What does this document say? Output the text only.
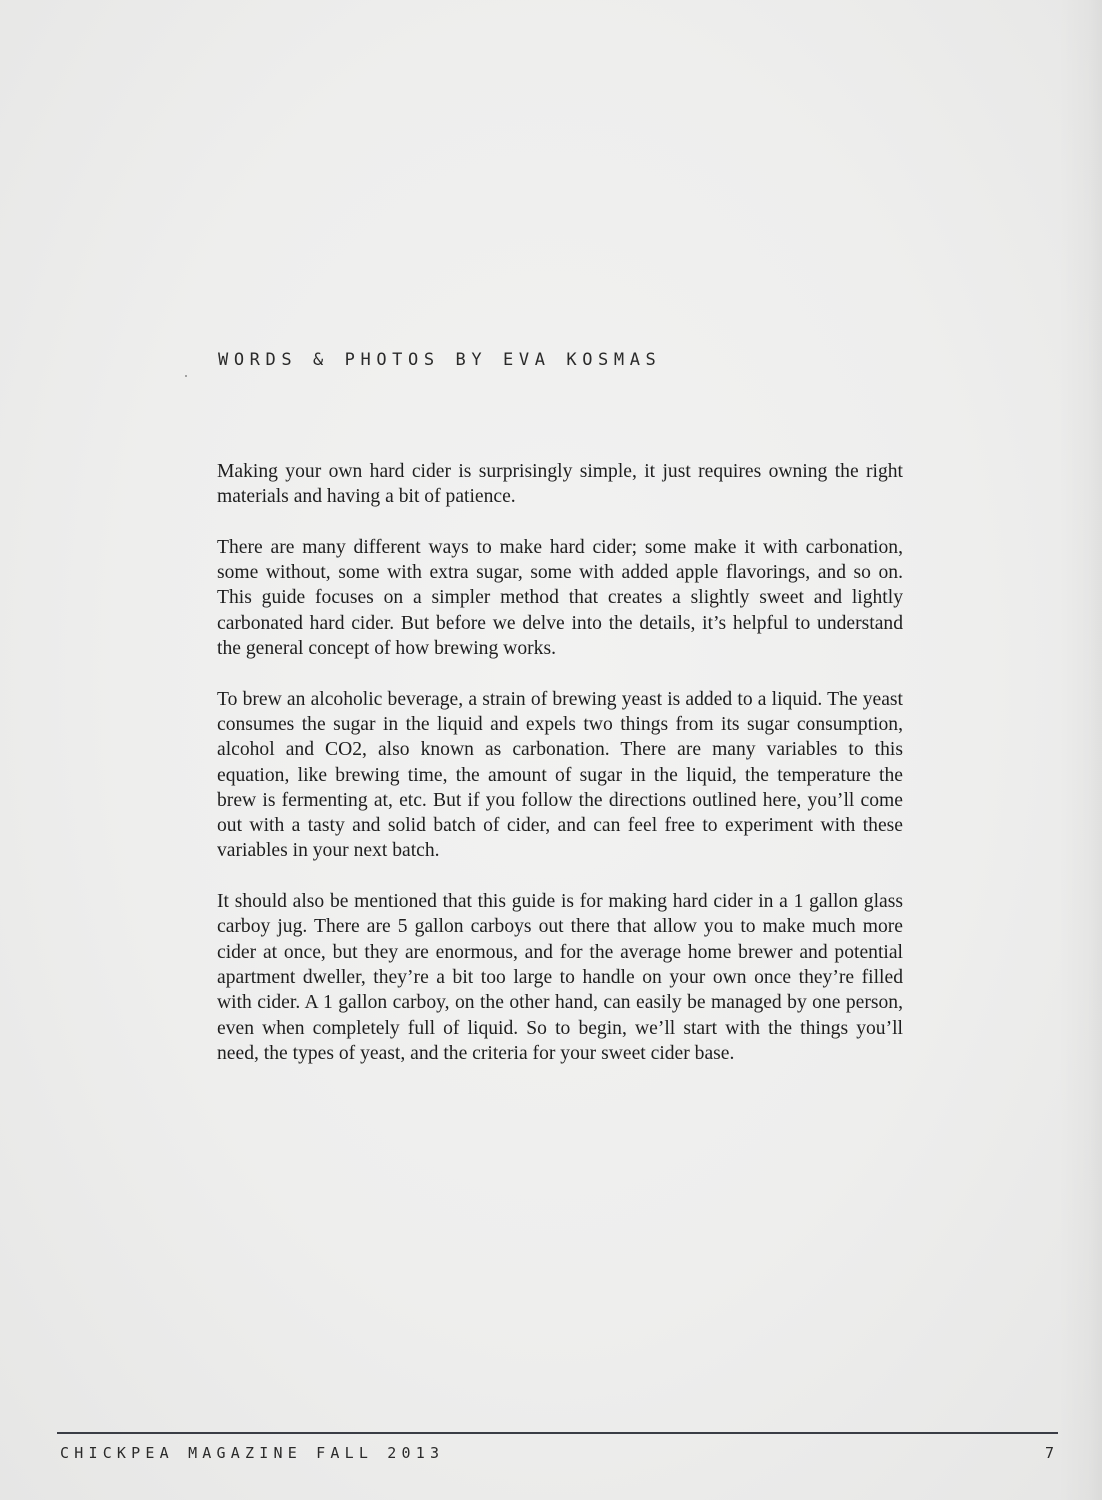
WORDS & PHOTOS BY EVA KOSMAS

Making your own hard cider is surprisingly simple, it just requires owning the right materials and having a bit of patience.

There are many different ways to make hard cider; some make it with carbonation, some without, some with extra sugar, some with added apple flavorings, and so on. This guide focuses on a simpler method that creates a slightly sweet and lightly carbonated hard cider. But before we delve into the details, it’s helpful to understand the general concept of how brewing works.

To brew an alcoholic beverage, a strain of brewing yeast is added to a liquid. The yeast consumes the sugar in the liquid and expels two things from its sugar consumption, alcohol and CO2, also known as carbonation. There are many variables to this equation, like brewing time, the amount of sugar in the liquid, the temperature the brew is fermenting at, etc. But if you follow the directions outlined here, you’ll come out with a tasty and solid batch of cider, and can feel free to experiment with these variables in your next batch.

It should also be mentioned that this guide is for making hard cider in a 1 gallon glass carboy jug. There are 5 gallon carboys out there that allow you to make much more cider at once, but they are enormous, and for the average home brewer and potential apartment dweller, they’re a bit too large to handle on your own once they’re filled with cider. A 1 gallon carboy, on the other hand, can easily be managed by one person, even when completely full of liquid. So to begin, we’ll start with the things you’ll need, the types of yeast, and the criteria for your sweet cider base.

CHICKPEA MAGAZINE FALL 2013	7
